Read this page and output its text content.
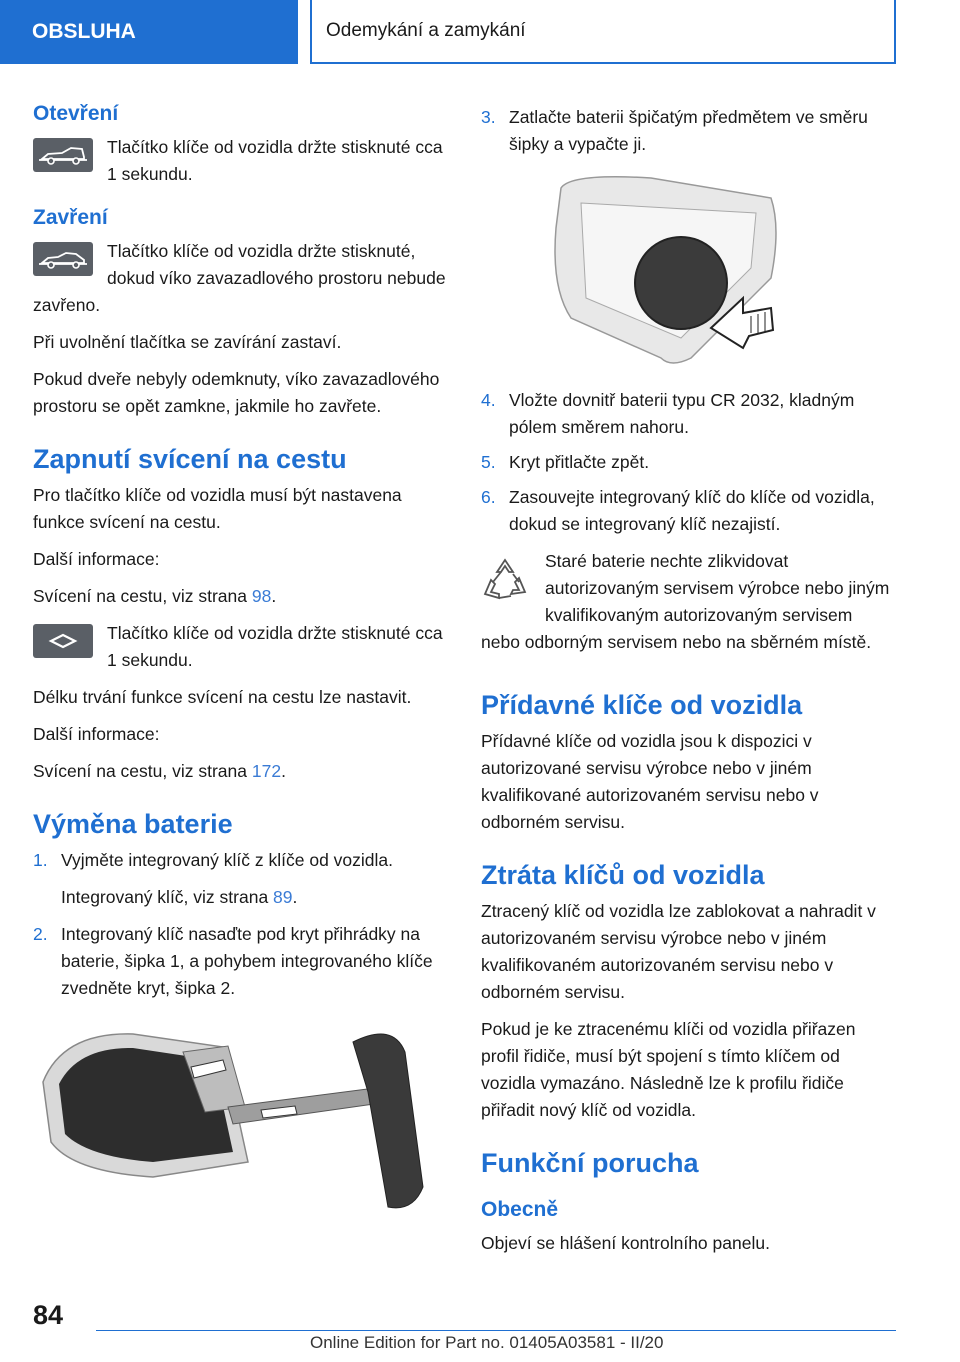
OBSLUHA	Odemykání a zamykání
Otevření

Tlačítko klíče od vozidla držte stisknuté cca 1 sekundu.

Zavření

Tlačítko klíče od vozidla držte stisknuté, dokud víko zavazadlového prostoru nebude zavřeno.

Při uvolnění tlačítka se zavírání zastaví.

Pokud dveře nebyly odemknuty, víko zavazadlového prostoru se opět zamkne, jakmile ho zavřete.

Zapnutí svícení na cestu

Pro tlačítko klíče od vozidla musí být nastavena funkce svícení na cestu.

Další informace:

Svícení na cestu, viz strana 98.

Tlačítko klíče od vozidla držte stisknuté cca 1 sekundu.

Délku trvání funkce svícení na cestu lze nastavit.

Další informace:

Svícení na cestu, viz strana 172.

Výměna baterie
1. Vyjměte integrovaný klíč z klíče od vozidla.

Integrovaný klíč, viz strana 89.

2. Integrovaný klíč nasaďte pod kryt přihrádky na baterie, šipka 1, a pohybem integrovaného klíče zvedněte kryt, šipka 2.
3. Zatlačte baterii špičatým předmětem ve směru šipky a vypačte ji.
4. Vložte dovnitř baterii typu CR 2032, kladným pólem směrem nahoru.
5. Kryt přitlačte zpět.
6. Zasouvejte integrovaný klíč do klíče od vozidla, dokud se integrovaný klíč nezajistí.

Staré baterie nechte zlikvidovat autorizovaným servisem výrobce nebo jiným kvalifikovaným autorizovaným servisem nebo odborným servisem nebo na sběrném místě.

Přídavné klíče od vozidla

Přídavné klíče od vozidla jsou k dispozici v autorizované servisu výrobce nebo v jiném kvalifikované autorizovaném servisu nebo v odborném servisu.

Ztráta klíčů od vozidla

Ztracený klíč od vozidla lze zablokovat a nahradit v autorizovaném servisu výrobce nebo v jiném kvalifikovaném autorizovaném servisu nebo v odborném servisu.

Pokud je ke ztracenému klíči od vozidla přiřazen profil řidiče, musí být spojení s tímto klíčem od vozidla vymazáno. Následně lze k profilu řidiče přiřadit nový klíč od vozidla.

Funkční porucha
Obecně

Objeví se hlášení kontrolního panelu.

84
Online Edition for Part no. 01405A03581 - II/20
